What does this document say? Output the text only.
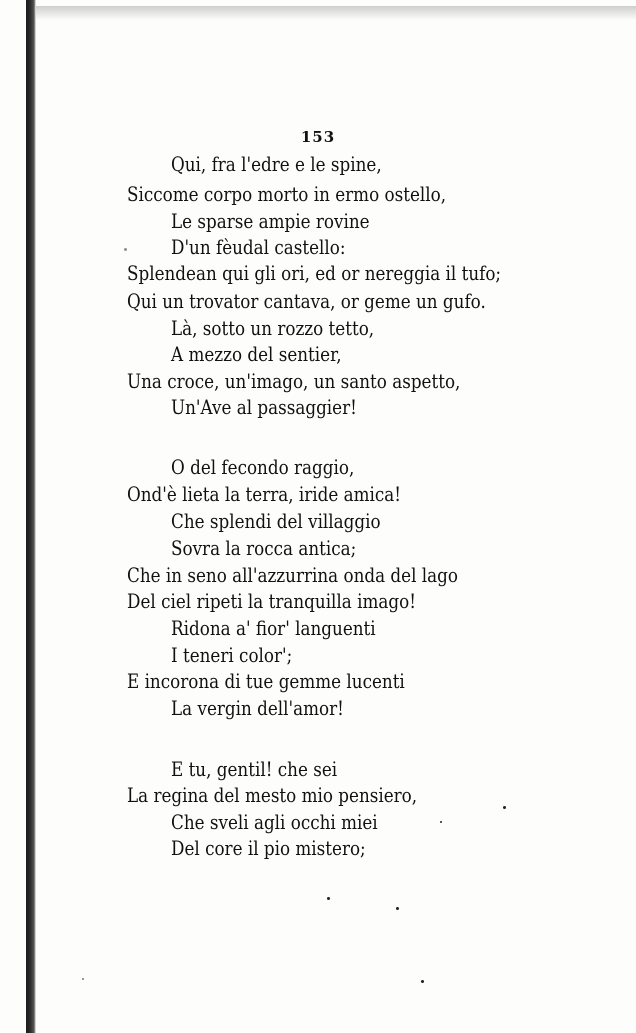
153
Qui, fra l'edre e le spine,
Siccome corpo morto in ermo ostello,
Le sparse ampie rovine
D'un fèudal castello:
Splendean qui gli ori, ed or nereggia il tufo;
Qui un trovator cantava, or geme un gufo.
Là, sotto un rozzo tetto,
A mezzo del sentier,
Una croce, un'imago, un santo aspetto,
Un'Ave al passaggier!
O del fecondo raggio,
Ond'è lieta la terra, iride amica!
Che splendi del villaggio
Sovra la rocca antica;
Che in seno all'azzurrina onda del lago
Del ciel ripeti la tranquilla imago!
Ridona a' fior' languenti
I teneri color';
E incorona di tue gemme lucenti
La vergin dell'amor!
E tu, gentil! che sei
La regina del mesto mio pensiero,
Che sveli agli occhi miei
Del core il pio mistero;
